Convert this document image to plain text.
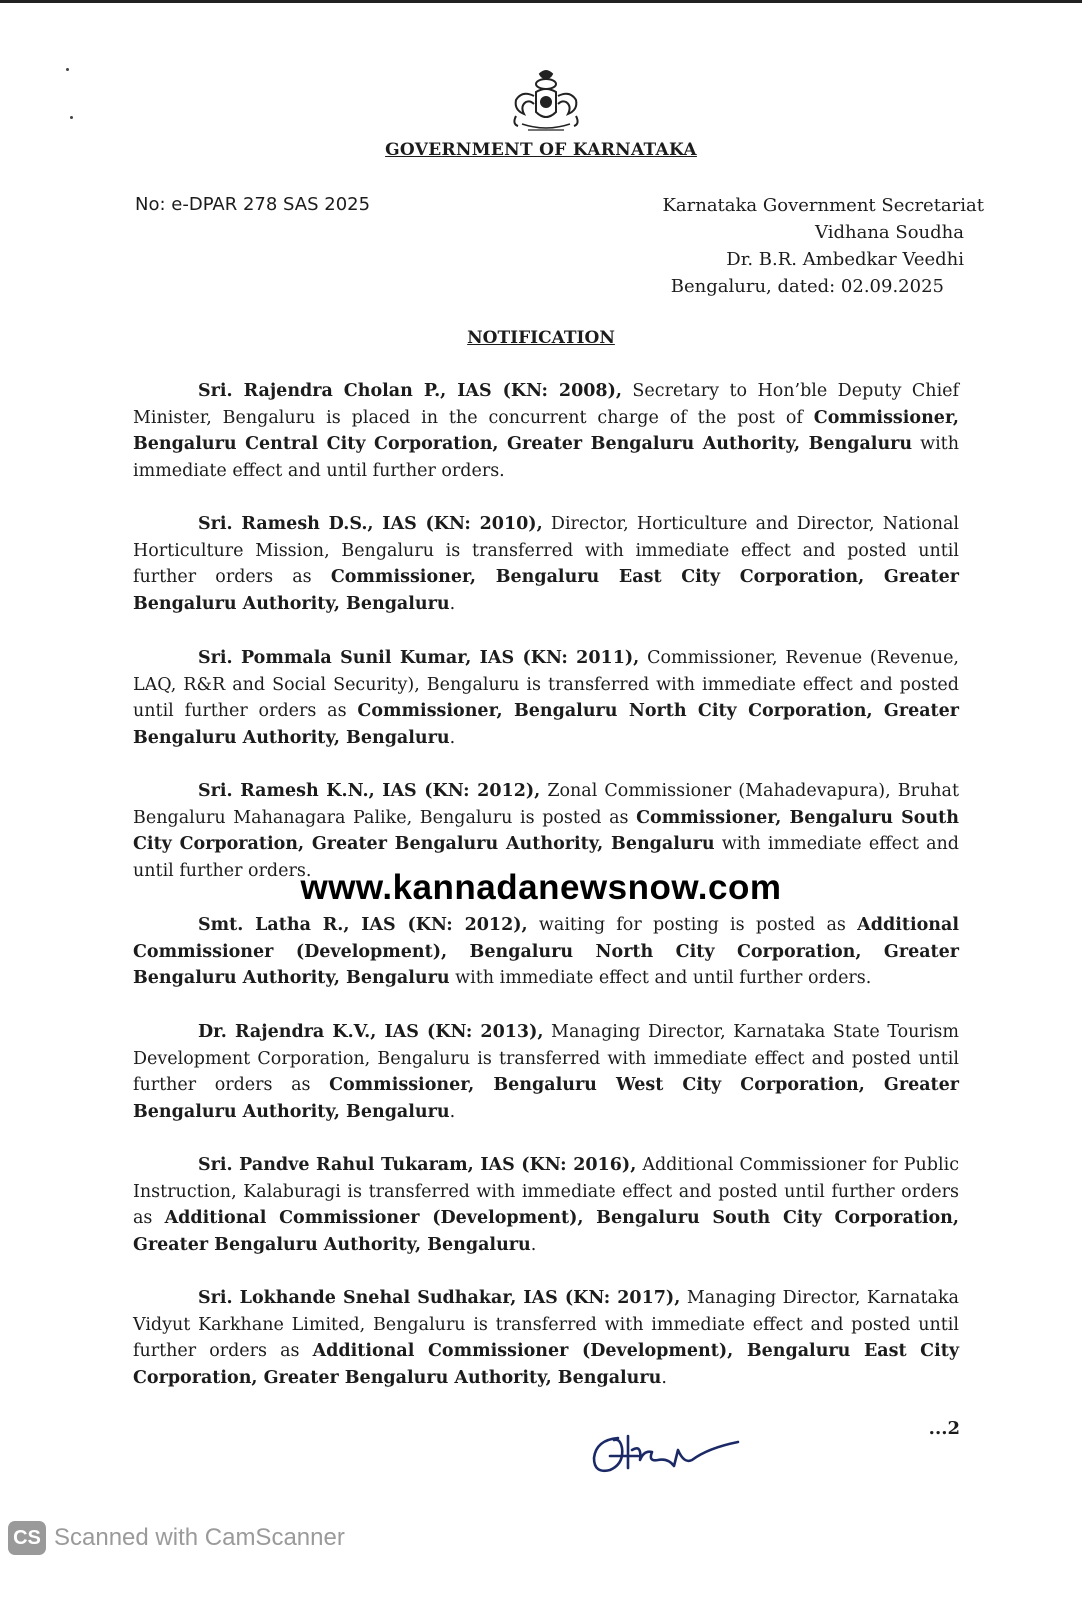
GOVERNMENT OF KARNATAKA
No: e-DPAR 278 SAS 2025	Karnataka Government Secretariat
Vidhana Soudha
Dr. B.R. Ambedkar Veedhi
Bengaluru, dated: 02.09.2025
NOTIFICATION
Sri. Rajendra Cholan P., IAS (KN: 2008), Secretary to Hon’ble Deputy Chief Minister, Bengaluru is placed in the concurrent charge of the post of Commissioner, Bengaluru Central City Corporation, Greater Bengaluru Authority, Bengaluru with immediate effect and until further orders.
Sri. Ramesh D.S., IAS (KN: 2010), Director, Horticulture and Director, National Horticulture Mission, Bengaluru is transferred with immediate effect and posted until further orders as Commissioner, Bengaluru East City Corporation, Greater Bengaluru Authority, Bengaluru.
Sri. Pommala Sunil Kumar, IAS (KN: 2011), Commissioner, Revenue (Revenue, LAQ, R&R and Social Security), Bengaluru is transferred with immediate effect and posted until further orders as Commissioner, Bengaluru North City Corporation, Greater Bengaluru Authority, Bengaluru.
Sri. Ramesh K.N., IAS (KN: 2012), Zonal Commissioner (Mahadevapura), Bruhat Bengaluru Mahanagara Palike, Bengaluru is posted as Commissioner, Bengaluru South City Corporation, Greater Bengaluru Authority, Bengaluru with immediate effect and until further orders.
www.kannadanewsnow.com
Smt. Latha R., IAS (KN: 2012), waiting for posting is posted as Additional Commissioner (Development), Bengaluru North City Corporation, Greater Bengaluru Authority, Bengaluru with immediate effect and until further orders.
Dr. Rajendra K.V., IAS (KN: 2013), Managing Director, Karnataka State Tourism Development Corporation, Bengaluru is transferred with immediate effect and posted until further orders as Commissioner, Bengaluru West City Corporation, Greater Bengaluru Authority, Bengaluru.
Sri. Pandve Rahul Tukaram, IAS (KN: 2016), Additional Commissioner for Public Instruction, Kalaburagi is transferred with immediate effect and posted until further orders as Additional Commissioner (Development), Bengaluru South City Corporation, Greater Bengaluru Authority, Bengaluru.
Sri. Lokhande Snehal Sudhakar, IAS (KN: 2017), Managing Director, Karnataka Vidyut Karkhane Limited, Bengaluru is transferred with immediate effect and posted until further orders as Additional Commissioner (Development), Bengaluru East City Corporation, Greater Bengaluru Authority, Bengaluru.
...2
CS Scanned with CamScanner
